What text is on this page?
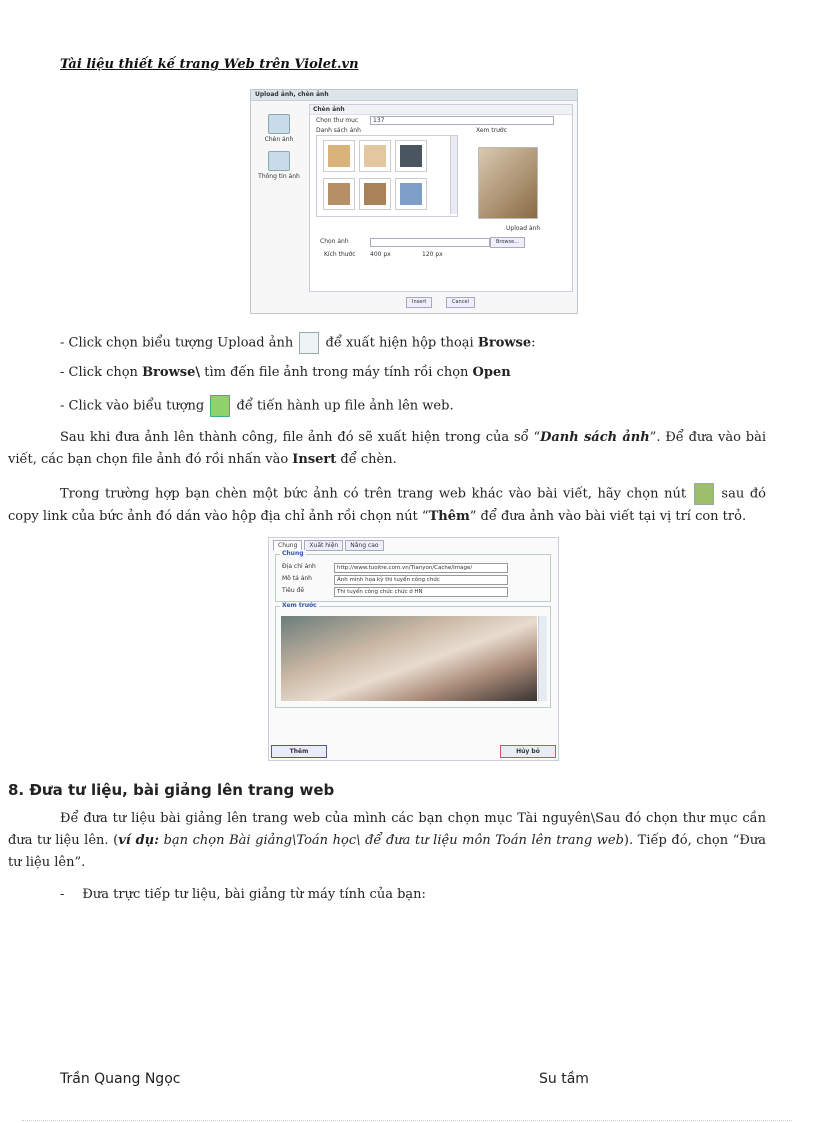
Tài liệu thiết kế trang Web trên Violet.vn
Upload ảnh, chèn ảnh
Chèn ảnh
Thông tin ảnh
Chèn ảnh
Chọn thư mục	137
Danh sách ảnh	Xem trước
Upload ảnh
Chọn ảnh	Browse...
Kích thước 400 px	120 px
Insert	Cancel
- Click chọn biểu tượng Upload ảnh  để xuất hiện hộp thoại Browse:
- Click chọn Browse\ tìm đến file ảnh trong máy tính rồi chọn Open
- Click vào biểu tượng  để tiến hành up file ảnh lên web.
Sau khi đưa ảnh lên thành công, file ảnh đó sẽ xuất hiện trong của sổ “Danh sách ảnh”. Để đưa vào bài viết, các bạn chọn file ảnh đó rồi nhấn vào Insert để chèn.
Trong trường hợp bạn chèn một bức ảnh có trên trang web khác vào bài viết, hãy chọn nút  sau đó copy link của bức ảnh đó dán vào hộp địa chỉ ảnh rồi chọn nút “Thêm” để đưa ảnh vào bài viết tại vị trí con trỏ.
Chung	Xuất hiện	Nâng cao
Chung
Địa chỉ ảnh	http://www.tuoitre.com.vn/Tianyon/Cache/Image/
Mô tả ảnh	Ảnh minh họa kỳ thi tuyển công chức
Tiêu đề	Thi tuyển công chức chức ở HN
Xem trước
Thêm	Hủy bỏ
8. Đưa tư liệu, bài giảng lên trang web
Để đưa tư liệu bài giảng lên trang web của mình các bạn chọn mục Tài nguyên\Sau đó chọn thư mục cần đưa tư liệu lên. (ví dụ: bạn chọn Bài giảng\Toán học\ để đưa tư liệu môn Toán lên trang web). Tiếp đó, chọn “Đưa tư liệu lên”.
- Đưa trực tiếp tư liệu, bài giảng từ máy tính của bạn:
Trần Quang Ngọc	Su tầm
